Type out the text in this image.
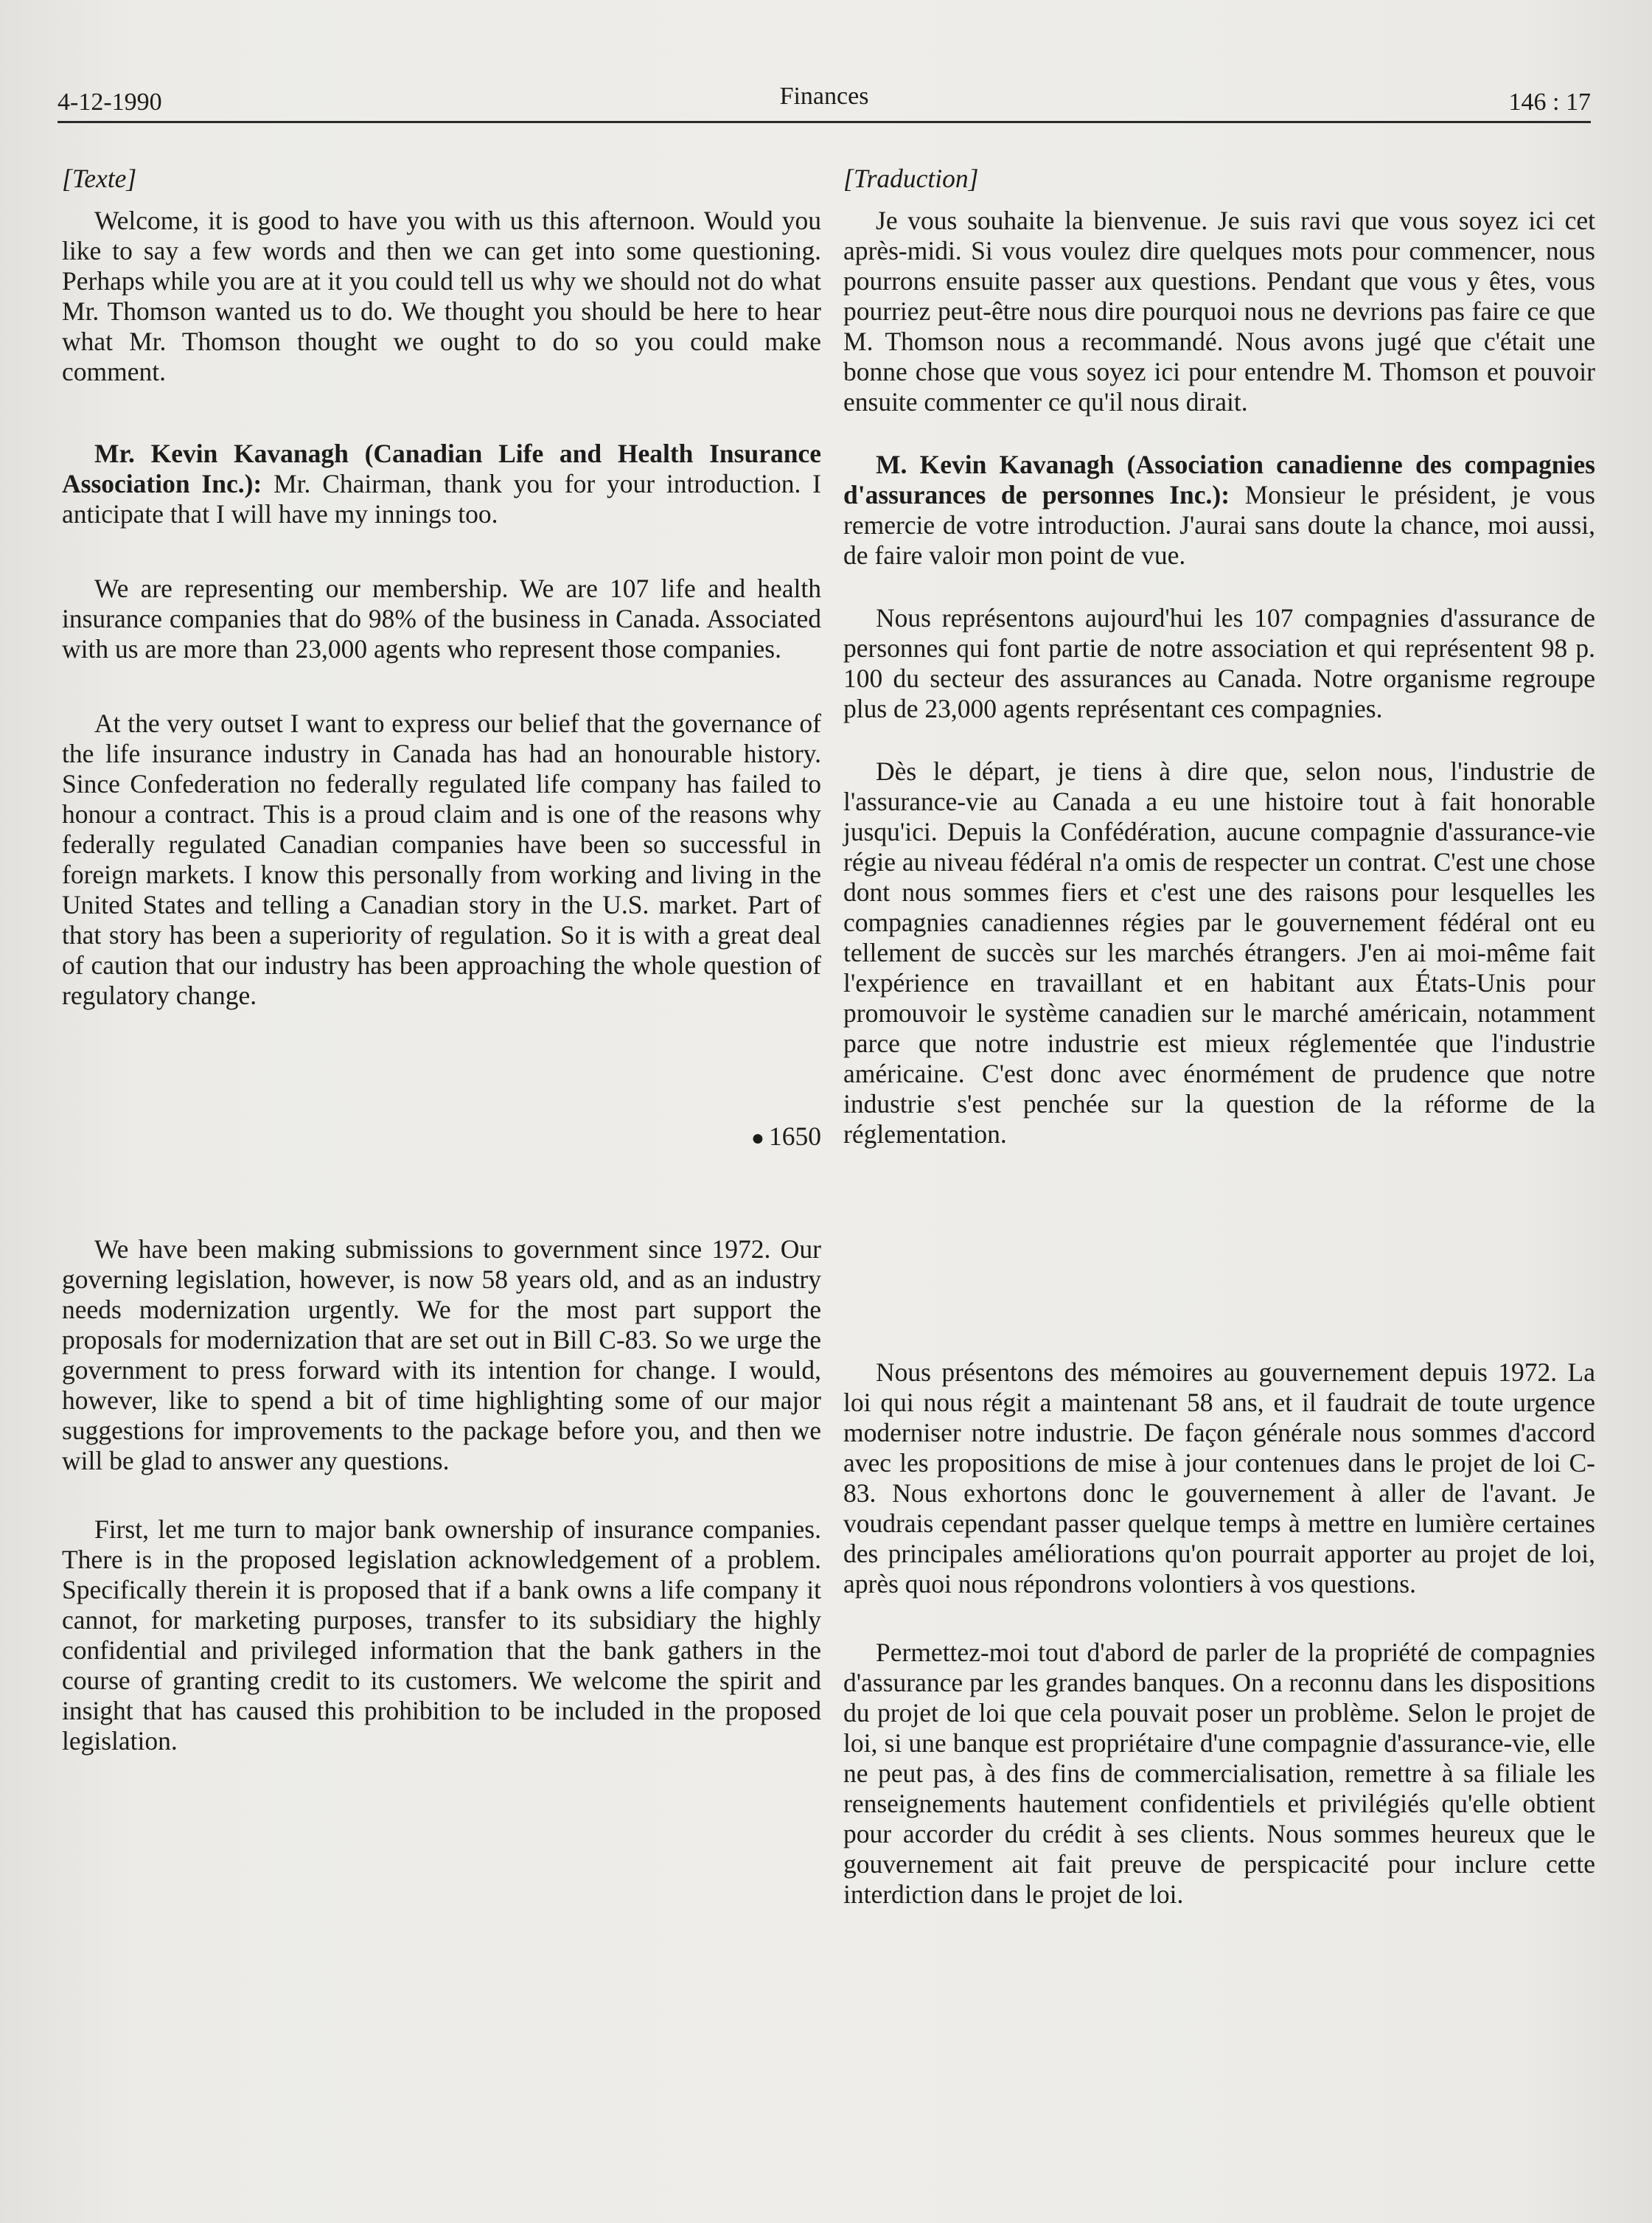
4-12-1990	Finances	146 : 17

[Texte]

Welcome, it is good to have you with us this afternoon. Would you like to say a few words and then we can get into some questioning. Perhaps while you are at it you could tell us why we should not do what Mr. Thomson wanted us to do. We thought you should be here to hear what Mr. Thomson thought we ought to do so you could make comment.

Mr. Kevin Kavanagh (Canadian Life and Health Insurance Association Inc.): Mr. Chairman, thank you for your introduction. I anticipate that I will have my innings too.

We are representing our membership. We are 107 life and health insurance companies that do 98% of the business in Canada. Associated with us are more than 23,000 agents who represent those companies.

At the very outset I want to express our belief that the governance of the life insurance industry in Canada has had an honourable history. Since Confederation no federally regulated life company has failed to honour a contract. This is a proud claim and is one of the reasons why federally regulated Canadian companies have been so successful in foreign markets. I know this personally from working and living in the United States and telling a Canadian story in the U.S. market. Part of that story has been a superiority of regulation. So it is with a great deal of caution that our industry has been approaching the whole question of regulatory change.

● 1650

We have been making submissions to government since 1972. Our governing legislation, however, is now 58 years old, and as an industry needs modernization urgently. We for the most part support the proposals for modernization that are set out in Bill C-83. So we urge the government to press forward with its intention for change. I would, however, like to spend a bit of time highlighting some of our major suggestions for improvements to the package before you, and then we will be glad to answer any questions.

First, let me turn to major bank ownership of insurance companies. There is in the proposed legislation acknowledgement of a problem. Specifically therein it is proposed that if a bank owns a life company it cannot, for marketing purposes, transfer to its subsidiary the highly confidential and privileged information that the bank gathers in the course of granting credit to its customers. We welcome the spirit and insight that has caused this prohibition to be included in the proposed legislation.

[Traduction]

Je vous souhaite la bienvenue. Je suis ravi que vous soyez ici cet après-midi. Si vous voulez dire quelques mots pour commencer, nous pourrons ensuite passer aux questions. Pendant que vous y êtes, vous pourriez peut-être nous dire pourquoi nous ne devrions pas faire ce que M. Thomson nous a recommandé. Nous avons jugé que c'était une bonne chose que vous soyez ici pour entendre M. Thomson et pouvoir ensuite commenter ce qu'il nous dirait.

M. Kevin Kavanagh (Association canadienne des compagnies d'assurances de personnes Inc.): Monsieur le président, je vous remercie de votre introduction. J'aurai sans doute la chance, moi aussi, de faire valoir mon point de vue.

Nous représentons aujourd'hui les 107 compagnies d'assurance de personnes qui font partie de notre association et qui représentent 98 p. 100 du secteur des assurances au Canada. Notre organisme regroupe plus de 23,000 agents représentant ces compagnies.

Dès le départ, je tiens à dire que, selon nous, l'industrie de l'assurance-vie au Canada a eu une histoire tout à fait honorable jusqu'ici. Depuis la Confédération, aucune compagnie d'assurance-vie régie au niveau fédéral n'a omis de respecter un contrat. C'est une chose dont nous sommes fiers et c'est une des raisons pour lesquelles les compagnies canadiennes régies par le gouvernement fédéral ont eu tellement de succès sur les marchés étrangers. J'en ai moi-même fait l'expérience en travaillant et en habitant aux États-Unis pour promouvoir le système canadien sur le marché américain, notamment parce que notre industrie est mieux réglementée que l'industrie américaine. C'est donc avec énormément de prudence que notre industrie s'est penchée sur la question de la réforme de la réglementation.

Nous présentons des mémoires au gouvernement depuis 1972. La loi qui nous régit a maintenant 58 ans, et il faudrait de toute urgence moderniser notre industrie. De façon générale nous sommes d'accord avec les propositions de mise à jour contenues dans le projet de loi C-83. Nous exhortons donc le gouvernement à aller de l'avant. Je voudrais cependant passer quelque temps à mettre en lumière certaines des principales améliorations qu'on pourrait apporter au projet de loi, après quoi nous répondrons volontiers à vos questions.

Permettez-moi tout d'abord de parler de la propriété de compagnies d'assurance par les grandes banques. On a reconnu dans les dispositions du projet de loi que cela pouvait poser un problème. Selon le projet de loi, si une banque est propriétaire d'une compagnie d'assurance-vie, elle ne peut pas, à des fins de commercialisation, remettre à sa filiale les renseignements hautement confidentiels et privilégiés qu'elle obtient pour accorder du crédit à ses clients. Nous sommes heureux que le gouvernement ait fait preuve de perspicacité pour inclure cette interdiction dans le projet de loi.
